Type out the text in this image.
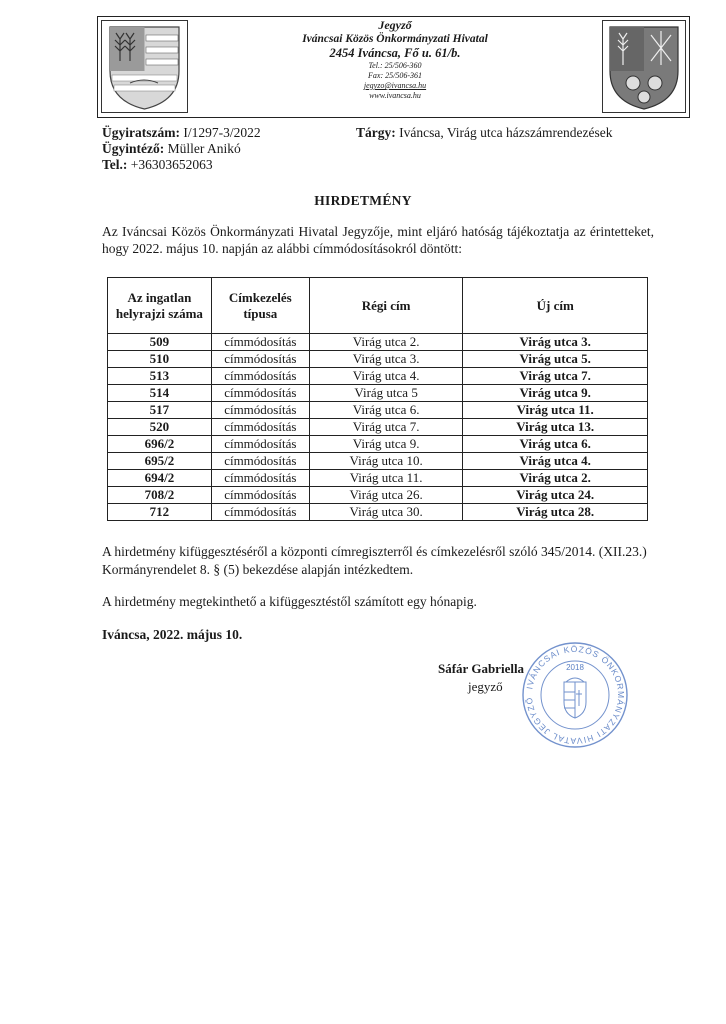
Jegyző
Iváncsai Közös Önkormányzati Hivatal
2454 Iváncsa, Fő u. 61/b.
Tel.: 25/506-360
Fax: 25/506-361
jegyzo@ivancsa.hu
www.ivancsa.hu
Ügyiratszám: I/1297-3/2022
Ügyintéző: Müller Anikó
Tel.: +36303652063
Tárgy: Iváncsa, Virág utca házszámrendezések
HIRDETMÉNY
Az Iváncsai Közös Önkormányzati Hivatal Jegyzője, mint eljáró hatóság tájékoztatja az érintetteket, hogy 2022. május 10. napján az alábbi címmódosításokról döntött:
Az ingatlan
helyrajzi száma	Címkezelés
típusa	Régi cím	Új cím
509	címmódosítás	Virág utca 2.	Virág utca 3.
510	címmódosítás	Virág utca 3.	Virág utca 5.
513	címmódosítás	Virág utca 4.	Virág utca 7.
514	címmódosítás	Virág utca 5	Virág utca 9.
517	címmódosítás	Virág utca 6.	Virág utca 11.
520	címmódosítás	Virág utca 7.	Virág utca 13.
696/2	címmódosítás	Virág utca 9.	Virág utca 6.
695/2	címmódosítás	Virág utca 10.	Virág utca 4.
694/2	címmódosítás	Virág utca 11.	Virág utca 2.
708/2	címmódosítás	Virág utca 26.	Virág utca 24.
712	címmódosítás	Virág utca 30.	Virág utca 28.
A hirdetmény kifüggesztéséről a központi címregiszterről és címkezelésről szóló 345/2014. (XII.23.) Kormányrendelet 8. § (5) bekezdése alapján intézkedtem.
A hirdetmény megtekinthető a kifüggesztéstől számított egy hónapig.
Iváncsa, 2022. május 10.
IVÁNCSAI KÖZÖS ÖNKORMÁNYZATI HIVATAL JEGYZŐ
2018
Sáfár Gabriella
jegyző
